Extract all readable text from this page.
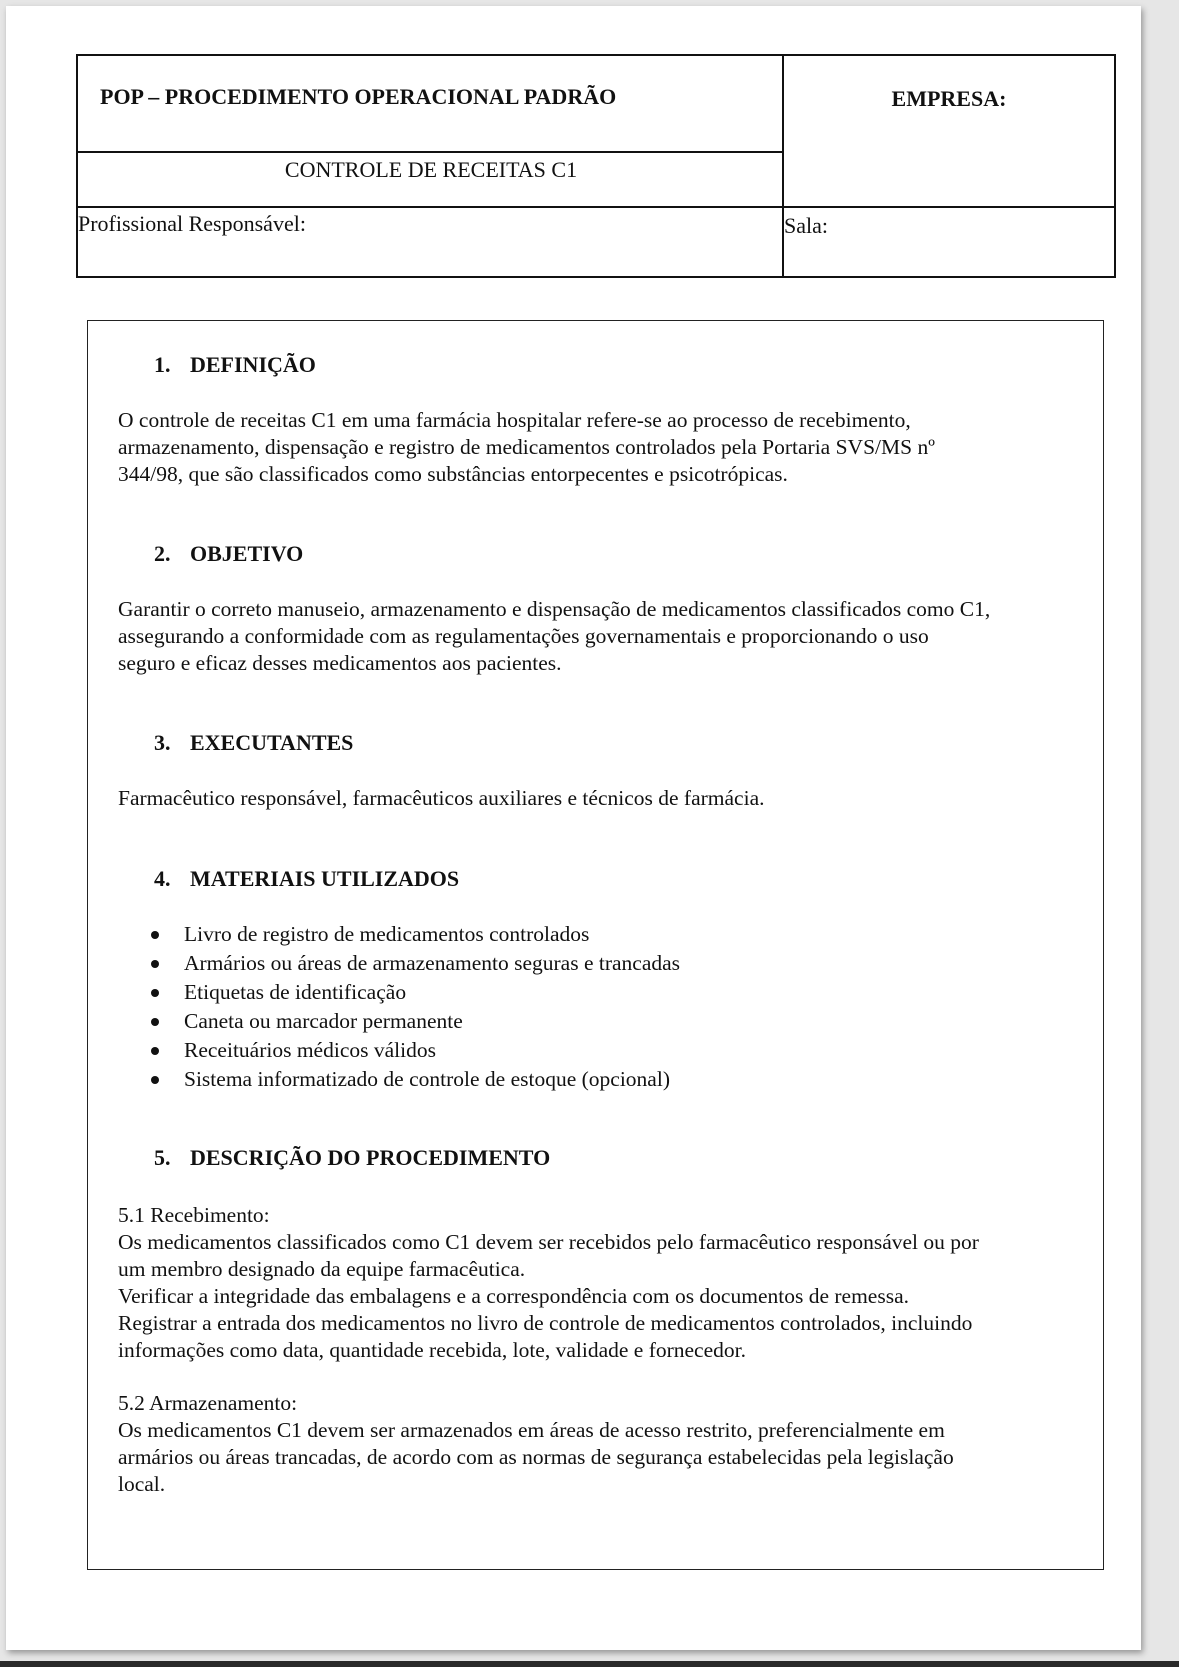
POP – PROCEDIMENTO OPERACIONAL PADRÃO
CONTROLE DE RECEITAS C1
EMPRESA:
Profissional Responsável:	Sala:
1. DEFINIÇÃO

O controle de receitas C1 em uma farmácia hospitalar refere-se ao processo de recebimento,

armazenamento, dispensação e registro de medicamentos controlados pela Portaria SVS/MS nº

344/98, que são classificados como substâncias entorpecentes e psicotrópicas.

2. OBJETIVO

Garantir o correto manuseio, armazenamento e dispensação de medicamentos classificados como C1,

assegurando a conformidade com as regulamentações governamentais e proporcionando o uso

seguro e eficaz desses medicamentos aos pacientes.

3. EXECUTANTES

Farmacêutico responsável, farmacêuticos auxiliares e técnicos de farmácia.

4. MATERIAIS UTILIZADOS
Livro de registro de medicamentos controlados
Armários ou áreas de armazenamento seguras e trancadas
Etiquetas de identificação
Caneta ou marcador permanente
Receituários médicos válidos
Sistema informatizado de controle de estoque (opcional)
5. DESCRIÇÃO DO PROCEDIMENTO

5.1 Recebimento:

Os medicamentos classificados como C1 devem ser recebidos pelo farmacêutico responsável ou por

um membro designado da equipe farmacêutica.

Verificar a integridade das embalagens e a correspondência com os documentos de remessa.

Registrar a entrada dos medicamentos no livro de controle de medicamentos controlados, incluindo

informações como data, quantidade recebida, lote, validade e fornecedor.

5.2 Armazenamento:

Os medicamentos C1 devem ser armazenados em áreas de acesso restrito, preferencialmente em

armários ou áreas trancadas, de acordo com as normas de segurança estabelecidas pela legislação

local.
